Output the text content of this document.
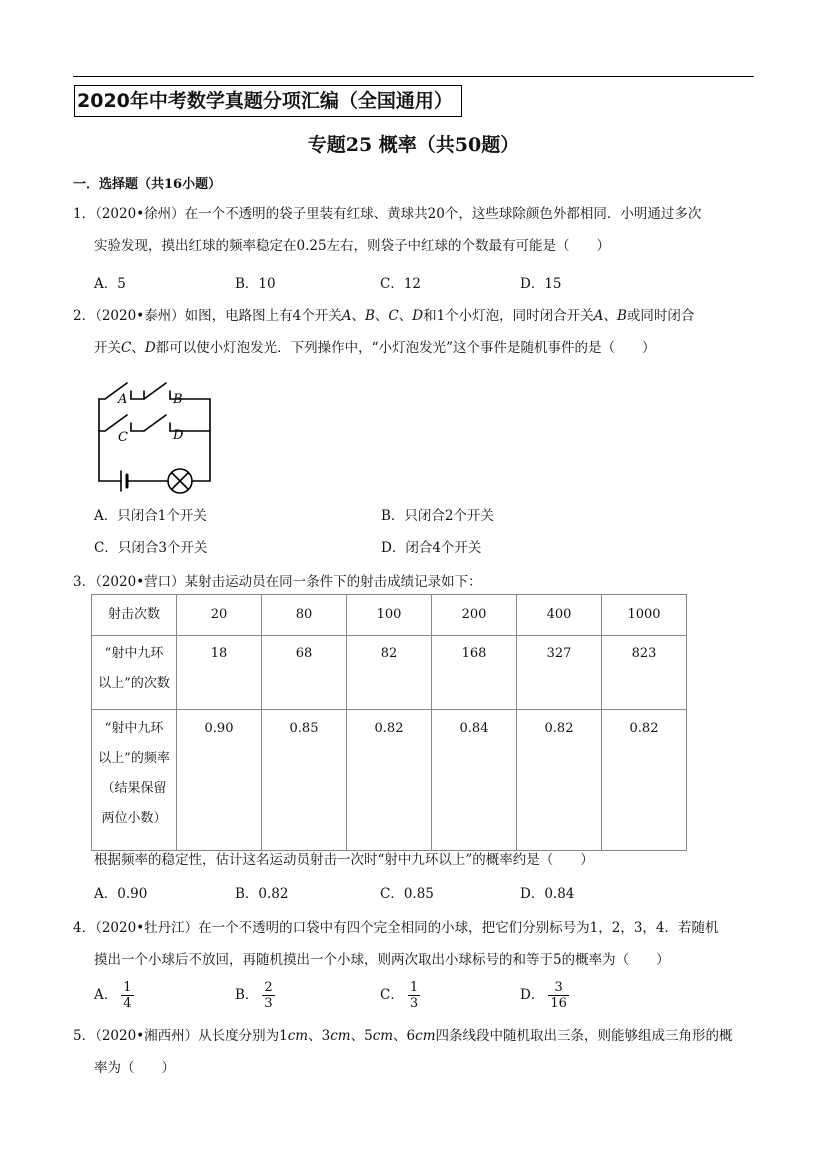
2020年中考数学真题分项汇编（全国通用）
专题25 概率（共50题）
一．选择题（共16小题）
1．（2020•徐州）在一个不透明的袋子里装有红球、黄球共20个，这些球除颜色外都相同．小明通过多次
实验发现，摸出红球的频率稳定在0.25左右，则袋子中红球的个数最有可能是（　　）
A．5	B．10	C．12	D．15
2．（2020•泰州）如图，电路图上有4个开关A、B、C、D和1个小灯泡，同时闭合开关A、B或同时闭合
开关C、D都可以使小灯泡发光．下列操作中，“小灯泡发光”这个事件是随机事件的是（　　）
A	B
C	D
A．只闭合1个开关	B．只闭合2个开关
C．只闭合3个开关	D．闭合4个开关
3．（2020•营口）某射击运动员在同一条件下的射击成绩记录如下：
射击次数	20	80	100	200	400	1000

“射中九环
以上”的次数	18	68	82	168	327	823

“射中九环
以上”的频率
（结果保留
两位小数）	0.90	0.85	0.82	0.84	0.82	0.82
根据频率的稳定性，估计这名运动员射击一次时“射中九环以上”的概率约是（　　）
A．0.90	B．0.82	C．0.85	D．0.84
4．（2020•牡丹江）在一个不透明的口袋中有四个完全相同的小球，把它们分别标号为1，2，3，4．若随机
摸出一个小球后不放回，再随机摸出一个小球，则两次取出小球标号的和等于5的概率为（　　）
A． $\frac{1}{4}$	B． $\frac{2}{3}$	C． $\frac{1}{3}$	D． $\frac{3}{16}$
5．（2020•湘西州）从长度分别为1cm、3cm、5cm、6cm四条线段中随机取出三条，则能够组成三角形的概
率为（　　）
